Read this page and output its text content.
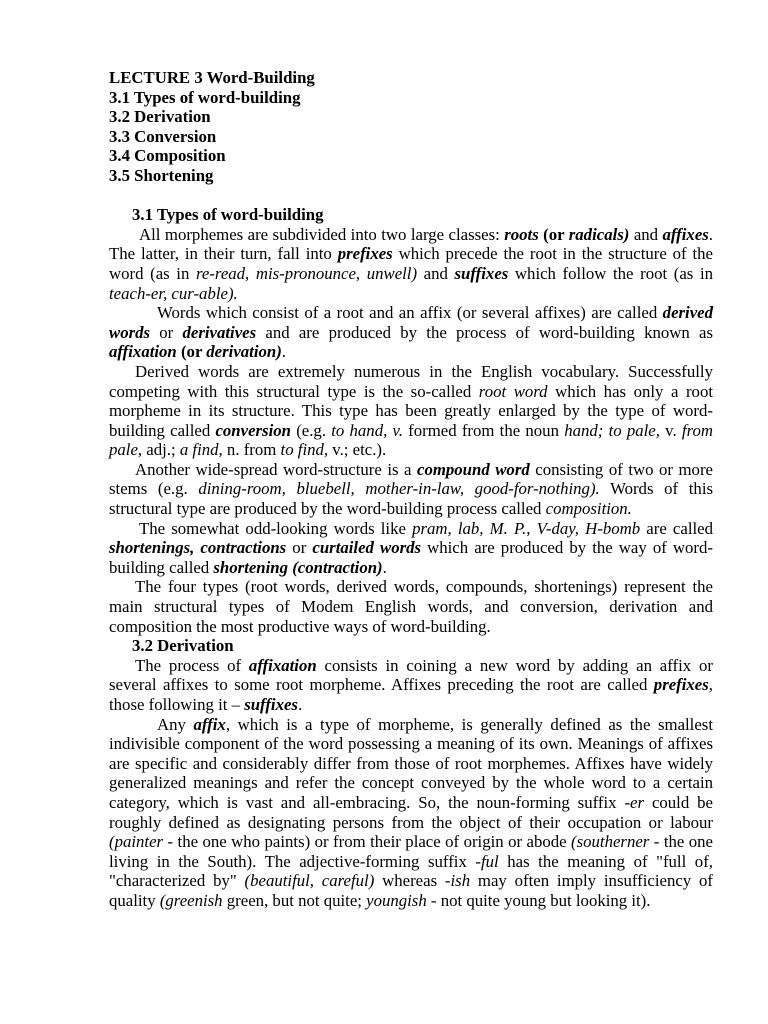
LECTURE 3 Word-Building
3.1 Types of word-building
3.2 Derivation
3.3 Conversion
3.4 Composition
3.5 Shortening
3.1 Types of word-building

All morphemes are subdivided into two large classes: roots (or radicals) and affixes. The latter, in their turn, fall into prefixes which precede the root in the structure of the word (as in re-read, mis-pronounce, unwell) and suffixes which follow the root (as in teach-er, cur-able).

Words which consist of a root and an affix (or several affixes) are called derived words or derivatives and are produced by the process of word-building known as affixation (or derivation).

Derived words are extremely numerous in the English vocabulary. Successfully competing with this structural type is the so-called root word which has only a root morpheme in its structure. This type has been greatly enlarged by the type of word-building called conversion (e.g. to hand, v. formed from the noun hand; to pale, v. from pale, adj.; a find, n. from to find, v.; etc.).

Another wide-spread word-structure is a compound word consisting of two or more stems (e.g. dining-room, bluebell, mother-in-law, good-for-nothing). Words of this structural type are produced by the word-building process called composition.

The somewhat odd-looking words like pram, lab, M. P., V-day, H-bomb are called shortenings, contractions or curtailed words which are produced by the way of word-building called shortening (contraction).

The four types (root words, derived words, compounds, shortenings) represent the main structural types of Modem English words, and conversion, derivation and composition the most productive ways of word-building.

3.2 Derivation

The process of affixation consists in coining a new word by adding an affix or several affixes to some root morpheme. Affixes preceding the root are called prefixes, those following it – suffixes.

Any affix, which is a type of morpheme, is generally defined as the smallest indivisible component of the word possessing a meaning of its own. Meanings of affixes are specific and considerably differ from those of root morphemes. Affixes have widely generalized meanings and refer the concept conveyed by the whole word to a certain category, which is vast and all-embracing. So, the noun-forming suffix -er could be roughly defined as designating persons from the object of their occupation or labour (painter - the one who paints) or from their place of origin or abode (southerner - the one living in the South). The adjective-forming suffix -ful has the meaning of "full of, "characterized by" (beautiful, careful) whereas -ish may often imply insufficiency of quality (greenish green, but not quite; youngish - not quite young but looking it).
